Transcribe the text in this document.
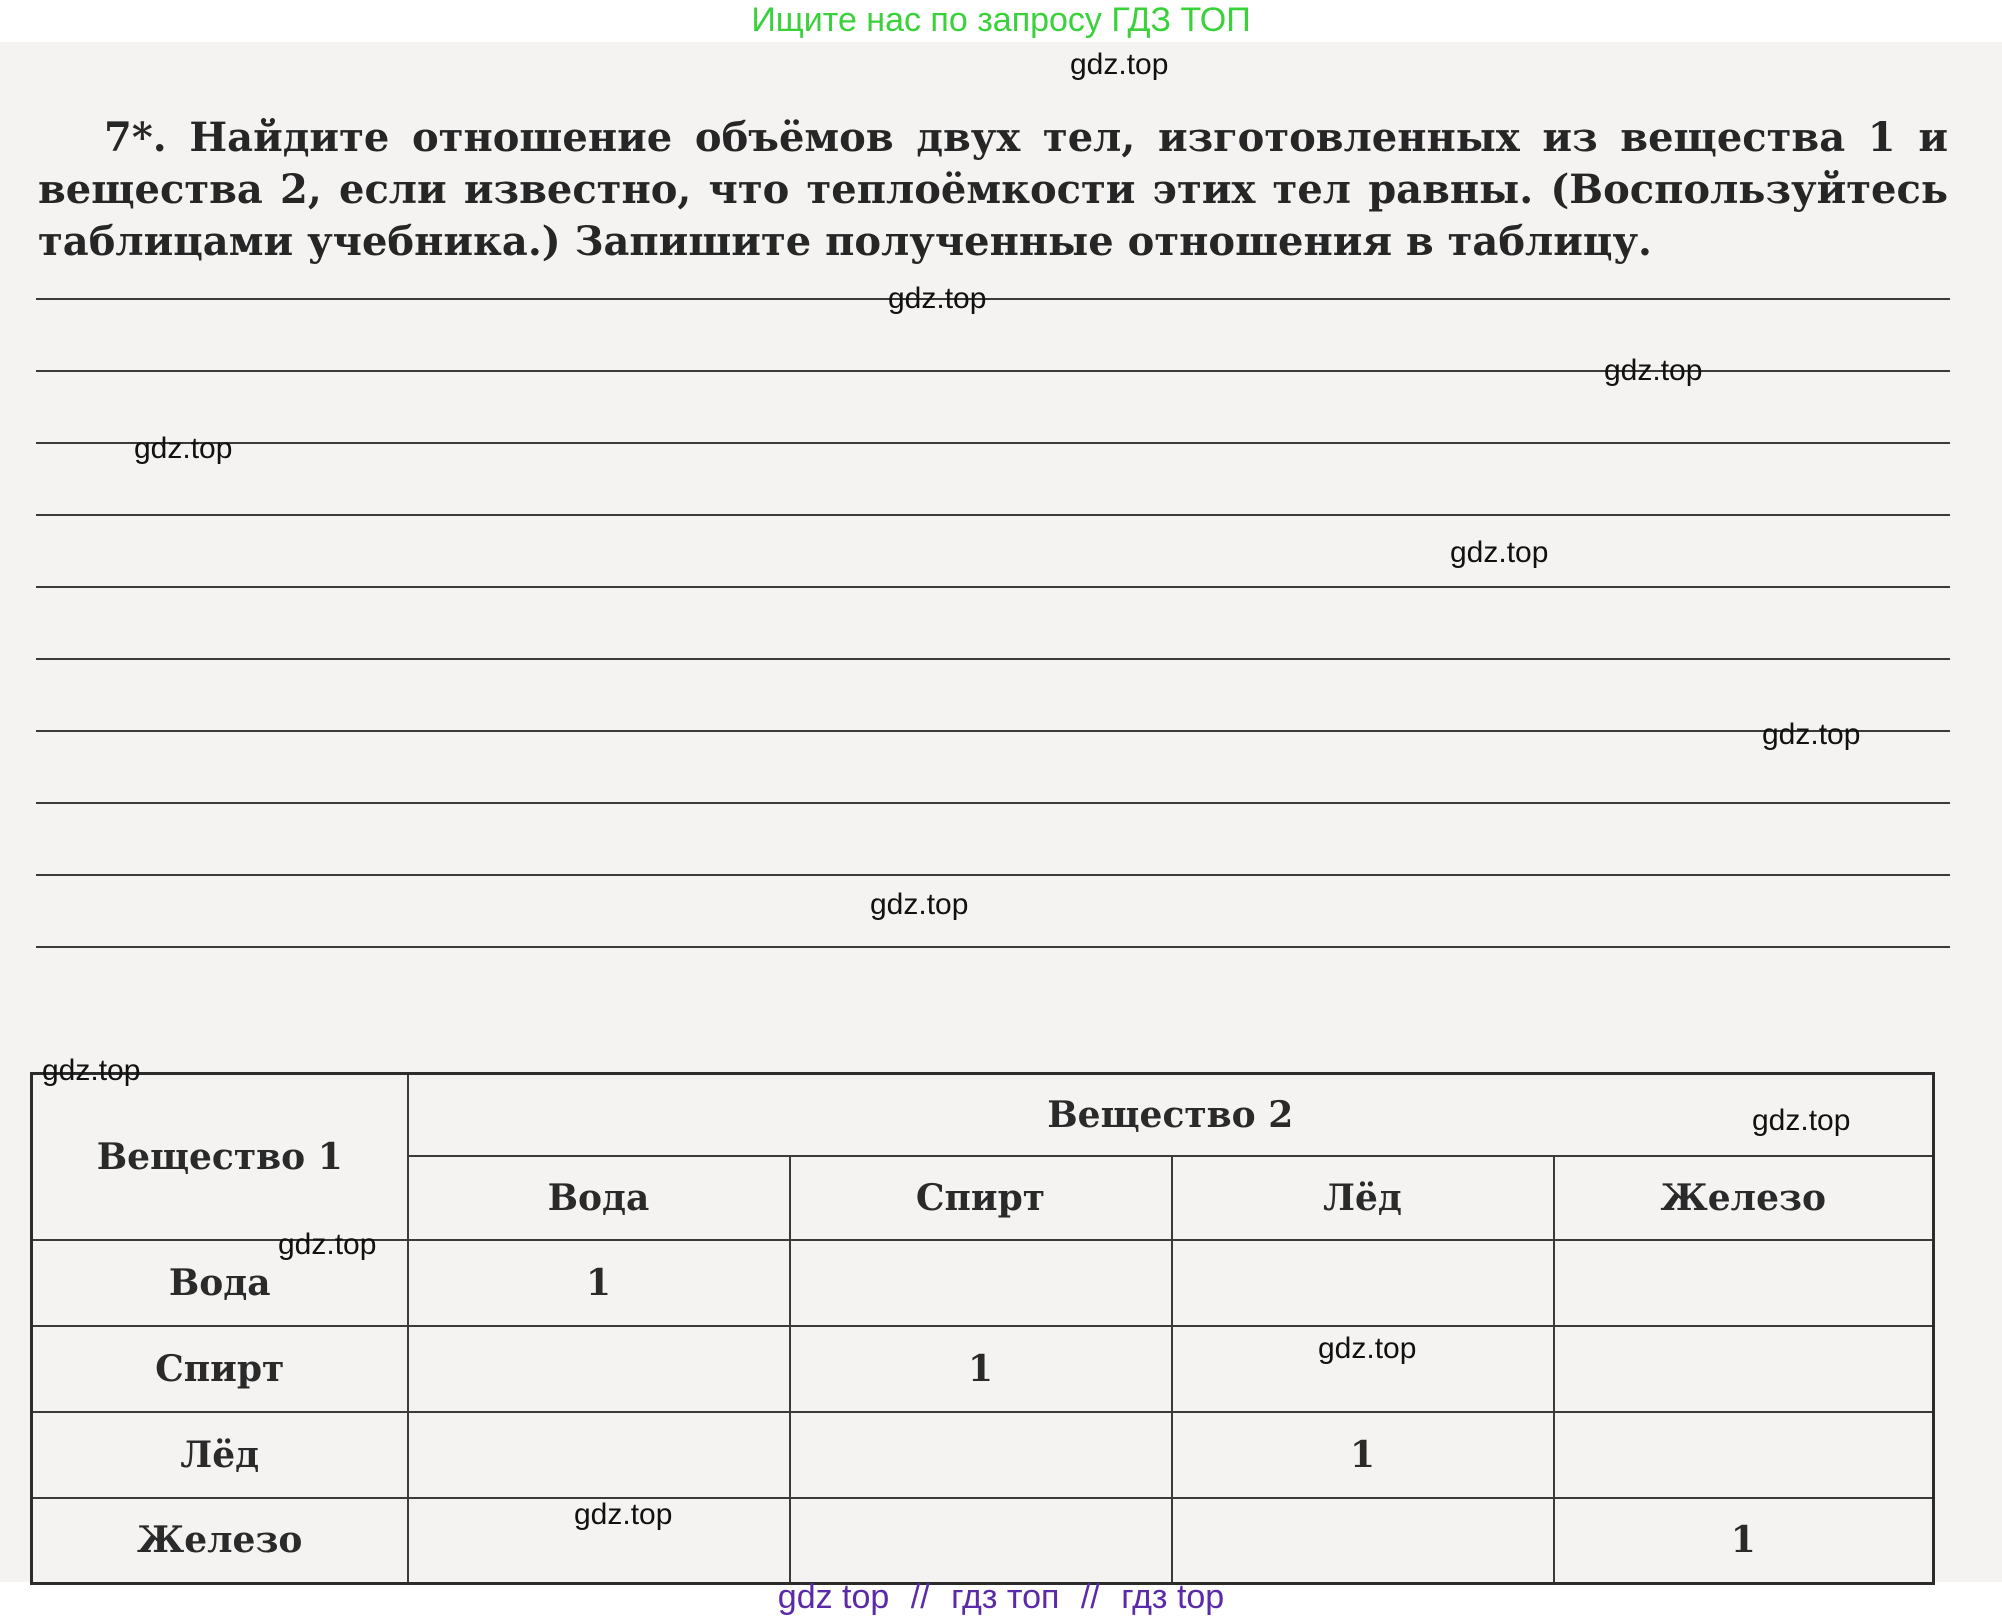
Ищите нас по запросу ГДЗ ТОП
7*. Найдите отношение объёмов двух тел, изготовленных из вещества 1 и вещества 2, если известно, что теплоёмкости этих тел равны. (Воспользуйтесь таблицами учебника.) Запишите полученные отношения в таблицу.
Вещество 1	Вещество 2			
	Вода	Спирт	Лёд	Железо
Вода	1			
Спирт		1		
Лёд			1	
Железо				1
gdz.top
gdz.top
gdz.top
gdz.top
gdz.top
gdz.top
gdz.top
gdz.top
gdz.top
gdz.top
gdz.top
gdz.top
gdz top // гдз топ // гдз top
